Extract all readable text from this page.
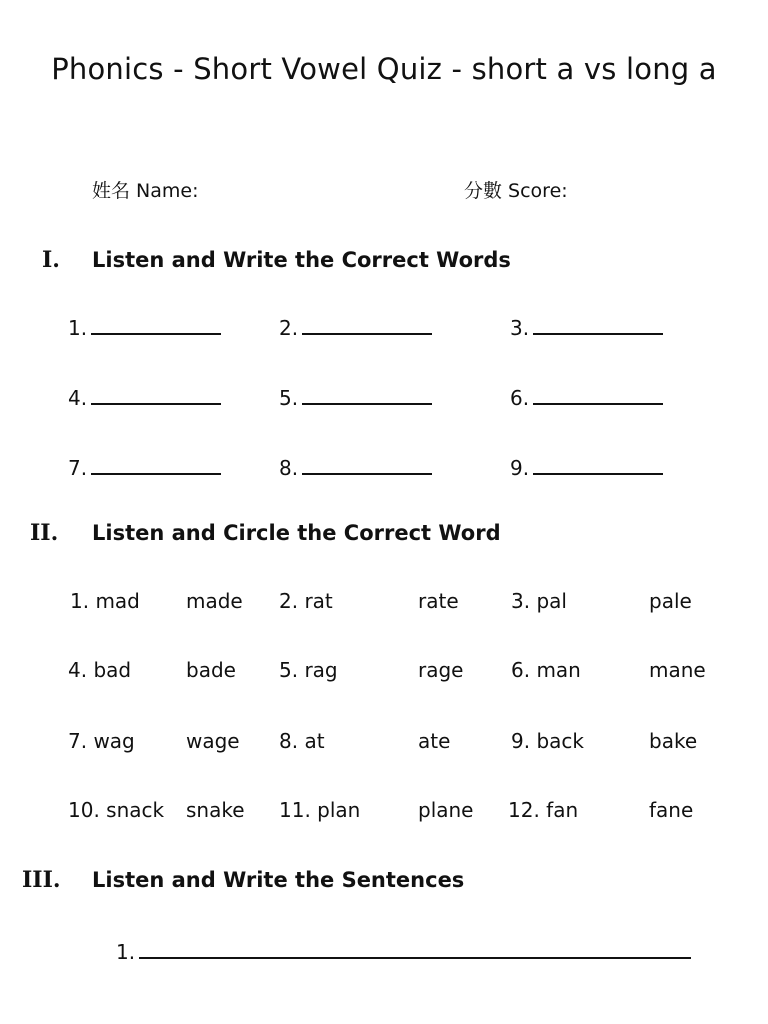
Phonics - Short Vowel Quiz - short a vs long a
姓名 Name:	分數 Score:
I. Listen and Write the Correct Words
1.	2.	3.
4.	5.	6.
7.	8.	9.
II. Listen and Circle the Correct Word
1. mad made 2. rat	rate	3. pal	pale
4. bad	bade 5. rag	rage 6. man	mane
7. wag	wage 8. at	ate	9. back	bake
10. snack snake 11. plan	plane 12. fan	fane
III. Listen and Write the Sentences
1.
